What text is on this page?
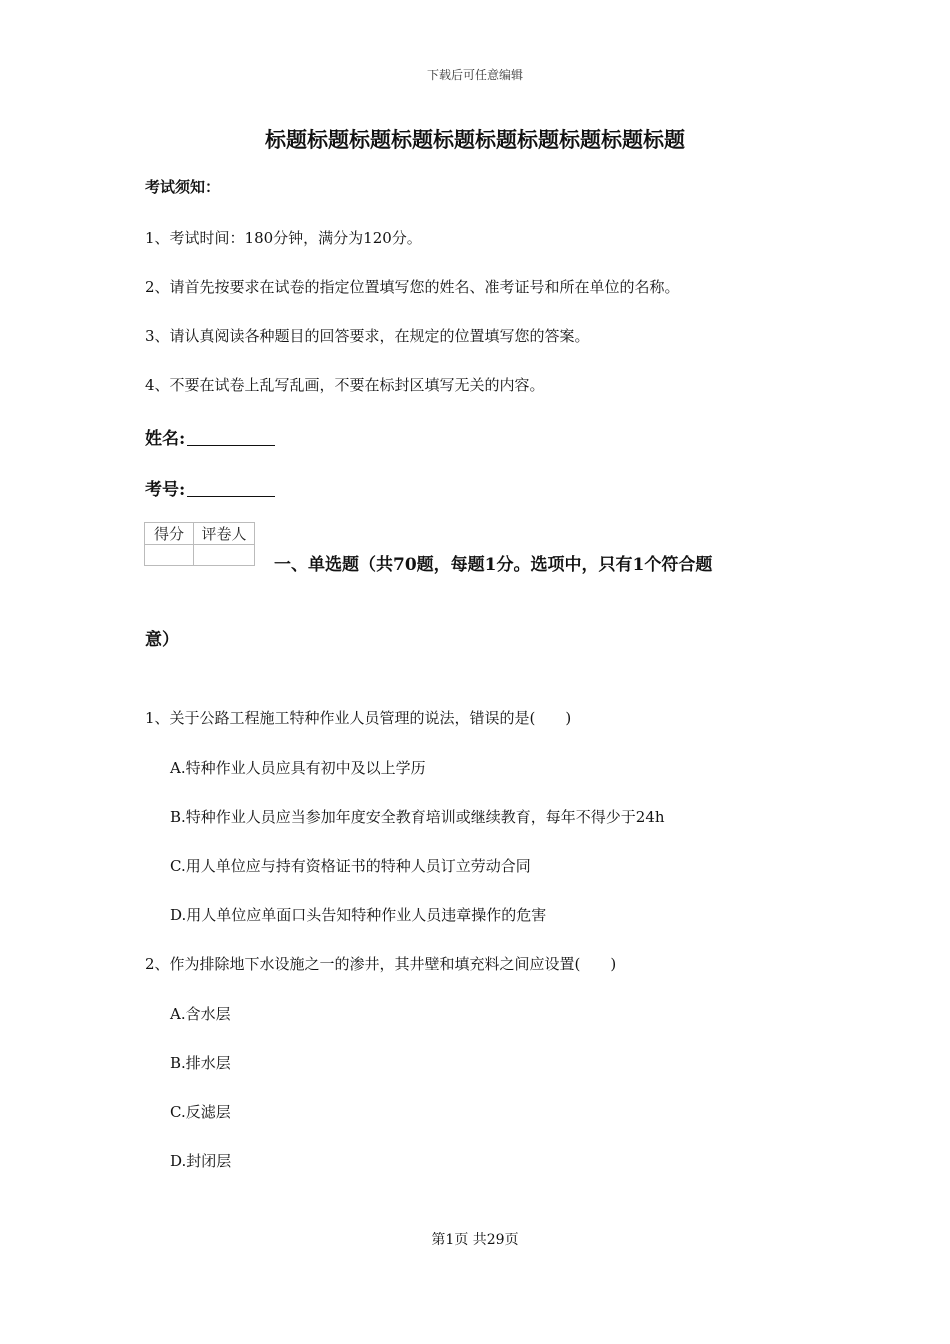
下载后可任意编辑
标题标题标题标题标题标题标题标题标题标题
考试须知：
1、考试时间：180分钟，满分为120分。
2、请首先按要求在试卷的指定位置填写您的姓名、准考证号和所在单位的名称。
3、请认真阅读各种题目的回答要求，在规定的位置填写您的答案。
4、不要在试卷上乱写乱画，不要在标封区填写无关的内容。
姓名:
考号:
得分	评卷人

一、单选题（共70题，每题1分。选项中，只有1个符合题
意）
1、关于公路工程施工特种作业人员管理的说法，错误的是(　　)
A.特种作业人员应具有初中及以上学历
B.特种作业人员应当参加年度安全教育培训或继续教育，每年不得少于24h
C.用人单位应与持有资格证书的特种人员订立劳动合同
D.用人单位应单面口头告知特种作业人员违章操作的危害
2、作为排除地下水设施之一的渗井，其井壁和填充料之间应设置(　　)
A.含水层
B.排水层
C.反滤层
D.封闭层
第1页 共29页
